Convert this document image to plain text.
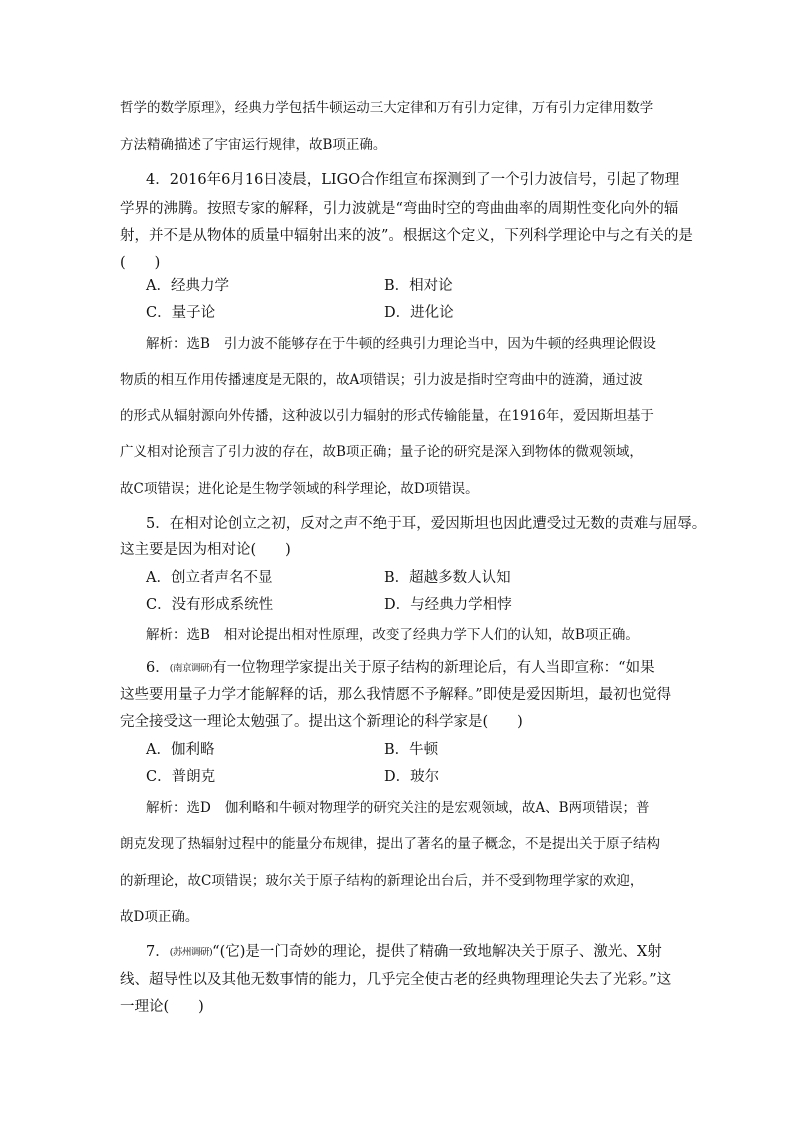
哲学的数学原理》，经典力学包括牛顿运动三大定律和万有引力定律，万有引力定律用数学
方法精确描述了宇宙运行规律，故B项正确。
4．2016年6月16日凌晨，LIGO合作组宣布探测到了一个引力波信号，引起了物理
学界的沸腾。按照专家的解释，引力波就是“弯曲时空的弯曲曲率的周期性变化向外的辐
射，并不是从物体的质量中辐射出来的波”。根据这个定义，下列科学理论中与之有关的是
(　　)
A．经典力学	B．相对论
C．量子论	D．进化论
解析：选B 引力波不能够存在于牛顿的经典引力理论当中，因为牛顿的经典理论假设
物质的相互作用传播速度是无限的，故A项错误；引力波是指时空弯曲中的涟漪，通过波
的形式从辐射源向外传播，这种波以引力辐射的形式传输能量，在1916年，爱因斯坦基于
广义相对论预言了引力波的存在，故B项正确；量子论的研究是深入到物体的微观领域，
故C项错误；进化论是生物学领域的科学理论，故D项错误。
5．在相对论创立之初，反对之声不绝于耳，爱因斯坦也因此遭受过无数的责难与屈辱。
这主要是因为相对论(　　)
A．创立者声名不显	B．超越多数人认知
C．没有形成系统性	D．与经典力学相悖
解析：选B 相对论提出相对性原理，改变了经典力学下人们的认知，故B项正确。
6．(南京调研)有一位物理学家提出关于原子结构的新理论后，有人当即宣称：“如果
这些要用量子力学才能解释的话，那么我情愿不予解释。”即使是爱因斯坦，最初也觉得
完全接受这一理论太勉强了。提出这个新理论的科学家是(　　)
A．伽利略	B．牛顿
C．普朗克	D．玻尔
解析：选D 伽利略和牛顿对物理学的研究关注的是宏观领域，故A、B两项错误；普
朗克发现了热辐射过程中的能量分布规律，提出了著名的量子概念，不是提出关于原子结构
的新理论，故C项错误；玻尔关于原子结构的新理论出台后，并不受到物理学家的欢迎，
故D项正确。
7．(苏州调研)“(它)是一门奇妙的理论，提供了精确一致地解决关于原子、激光、X射
线、超导性以及其他无数事情的能力，几乎完全使古老的经典物理理论失去了光彩。”这
一理论(　　)
